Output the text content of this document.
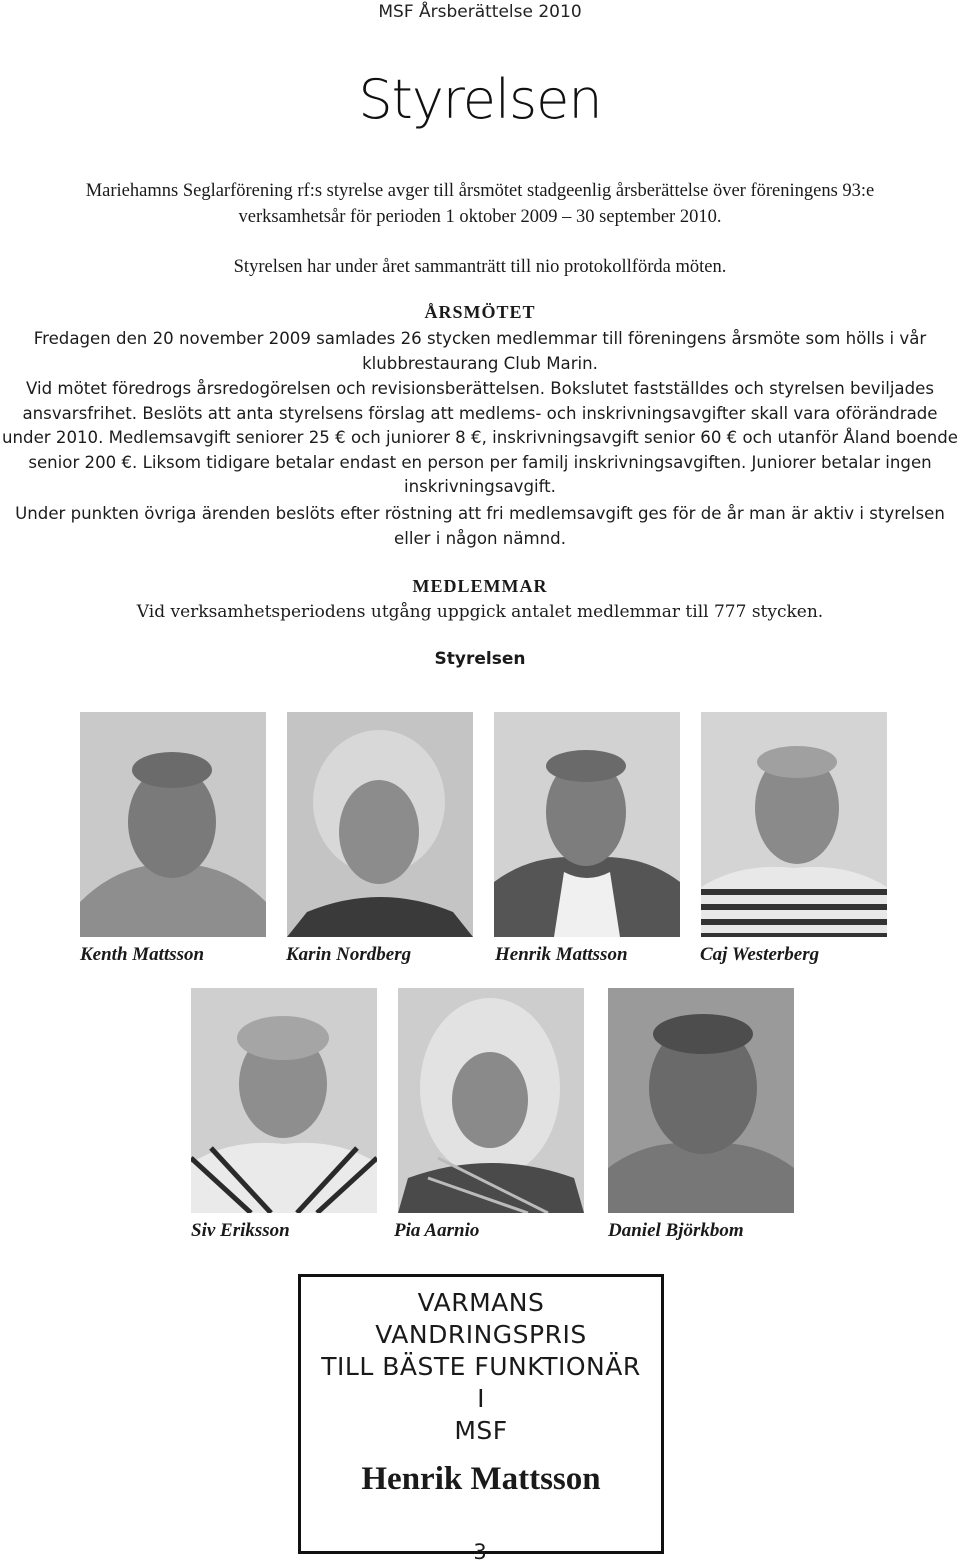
MSF Årsberättelse 2010
Styrelsen
Mariehamns Seglarförening rf:s styrelse avger till årsmötet stadgeenlig årsberättelse över föreningens 93:e verksamhetsår för perioden 1 oktober 2009 – 30 september 2010.
Styrelsen har under året sammanträtt till nio protokollförda möten.
ÅRSMÖTET
Fredagen den 20 november 2009 samlades 26 stycken medlemmar till föreningens årsmöte som hölls i vår klubbrestaurang Club Marin.
Vid mötet föredrogs årsredogörelsen och revisionsberättelsen. Bokslutet fastställdes och styrelsen beviljades ansvarsfrihet. Beslöts att anta styrelsens förslag att medlems- och inskrivningsavgifter skall vara oförändrade under 2010. Medlemsavgift seniorer 25 € och juniorer 8 €, inskrivningsavgift senior 60 € och utanför Åland boende senior 200 €. Liksom tidigare betalar endast en person per familj inskrivningsavgiften. Juniorer betalar ingen inskrivningsavgift.
Under punkten övriga ärenden beslöts efter röstning att fri medlemsavgift ges för de år man är aktiv i styrelsen eller i någon nämnd.
MEDLEMMAR
Vid verksamhetsperiodens utgång uppgick antalet medlemmar till 777 stycken.
Styrelsen
Kenth Mattsson	Karin Nordberg	Henrik Mattsson	Caj Westerberg
Siv Eriksson	Pia Aarnio	Daniel Björkbom
VARMANS
VANDRINGSPRIS
TILL BÄSTE FUNKTIONÄR
I
MSF
Henrik Mattsson
3
